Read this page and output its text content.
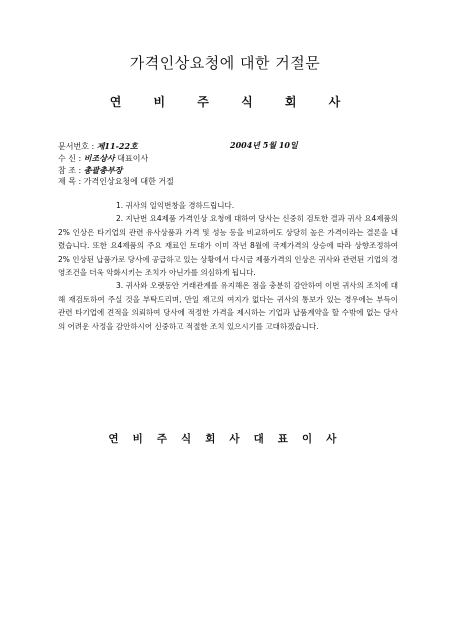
가격인상요청에 대한 거절문
연 비 주 식 회 사
문서번호 : 제11-22호	2004년 5월 10일
수 신 : 비조상사 대표이사
참 조 : 총괄총부장
제 목 : 가격인상요청에 대한 거절

1. 귀사의 일익번창을 경하드립니다.

2. 지난번 요4제품 가격인상 요청에 대하여 당사는 신중히 검토한 결과 귀사 요4제품의 2% 인상은 타기업의 관련 유사상품과 가격 및 성능 등을 비교하여도 상당히 높은 가격이라는 결론을 내렸습니다. 또한 요4제품의 주요 재료인 토대가 이미 작년 8월에 국제가격의 상승에 따라 상향조정하여 2% 인상된 납품가로 당사에 공급하고 있는 상황에서 다시금 제품가격의 인상은 귀사와 관련된 기업의 경영조건을 더욱 악화시키는 조치가 아닌가를 의심하게 됩니다.

3. 귀사와 오랫동안 거래관계를 유지해온 점을 충분히 감안하여 이번 귀사의 조치에 대해 재검토하여 주실 것을 부탁드리며, 만일 재고의 여지가 없다는 귀사의 통보가 있는 경우에는 부득이 관련 타기업에 견적을 의뢰하여 당사에 적정한 가격을 제시하는 기업과 납품계약을 할 수밖에 없는 당사의 어려운 사정을 감안하시어 신중하고 적절한 조치 있으시기를 고대하겠습니다.

연 비 주 식 회 사 대 표 이 사
